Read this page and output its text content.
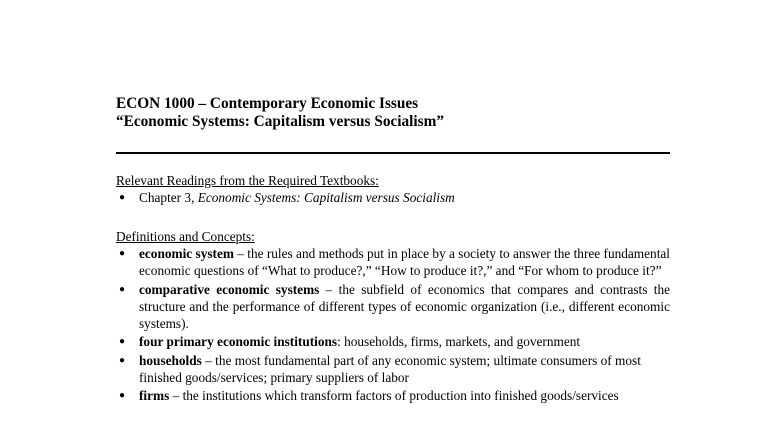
ECON 1000 – Contemporary Economic Issues
“Economic Systems: Capitalism versus Socialism”
Relevant Readings from the Required Textbooks:
● Chapter 3, Economic Systems: Capitalism versus Socialism
Definitions and Concepts:
● economic system – the rules and methods put in place by a society to answer the three fundamental economic questions of “What to produce?,” “How to produce it?,” and “For whom to produce it?”
● comparative economic systems – the subfield of economics that compares and contrasts the structure and the performance of different types of economic organization (i.e., different economic systems).
● four primary economic institutions: households, firms, markets, and government
● households – the most fundamental part of any economic system; ultimate consumers of most finished goods/services; primary suppliers of labor
● firms – the institutions which transform factors of production into finished goods/services
